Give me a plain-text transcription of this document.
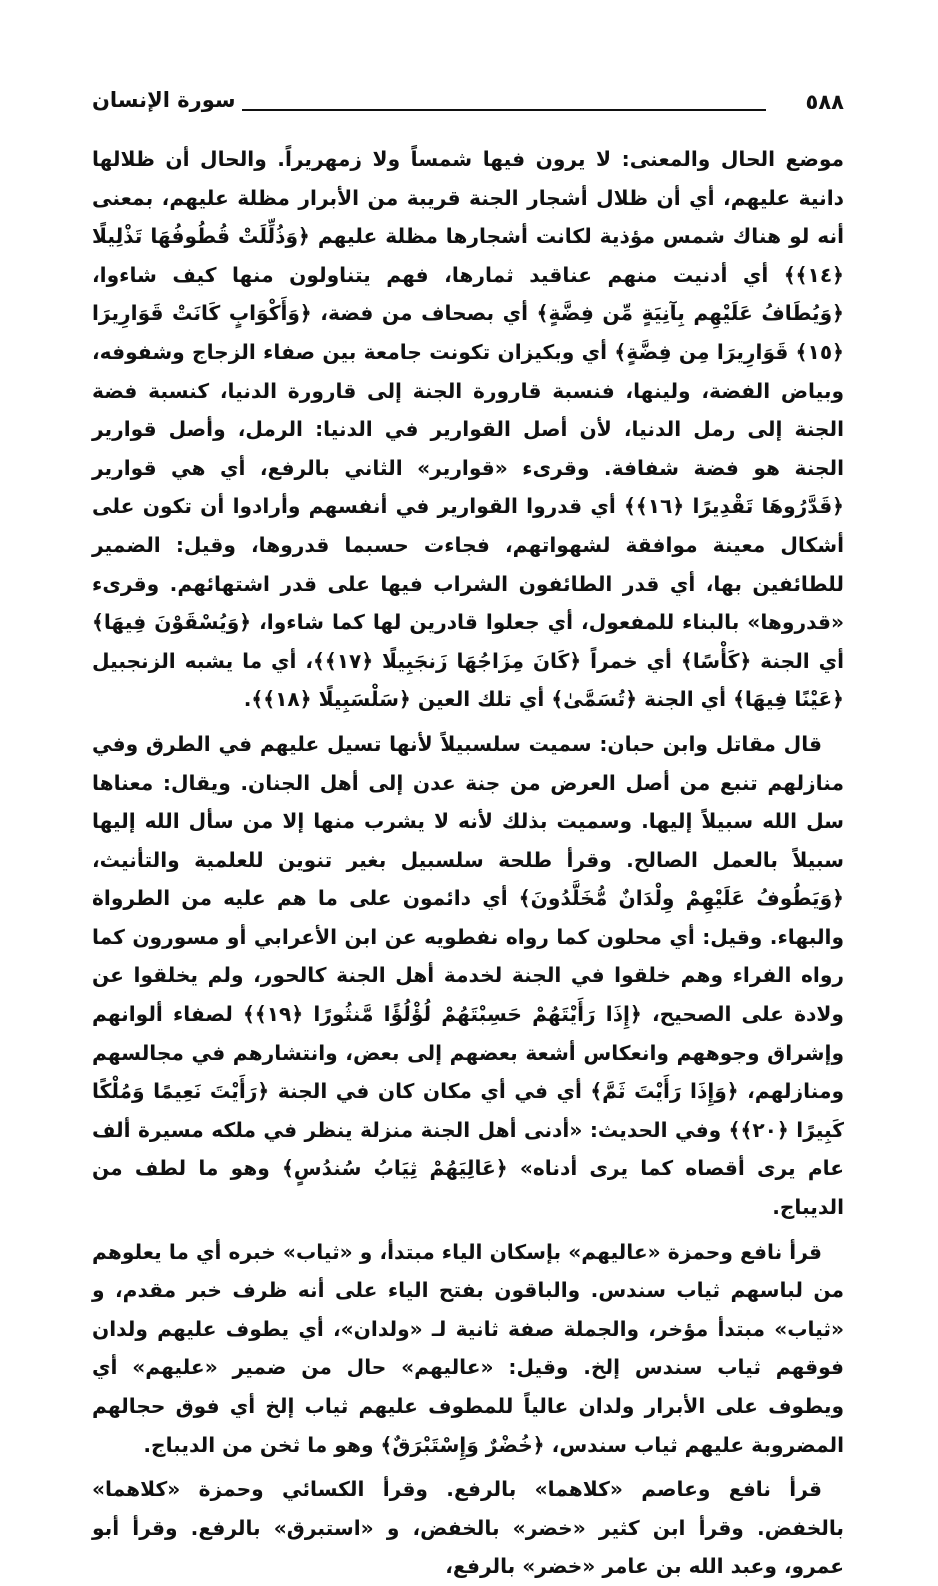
٥٨٨
سورة الإنسان

موضع الحال والمعنى: لا يرون فيها شمساً ولا زمهريراً. والحال أن ظلالها دانية عليهم، أي أن ظلال أشجار الجنة قريبة من الأبرار مظلة عليهم، بمعنى أنه لو هناك شمس مؤذية لكانت أشجارها مظلة عليهم ﴿وَذُلِّلَتْ قُطُوفُهَا تَذْلِيلًا ﴿١٤﴾﴾ أي أدنيت منهم عناقيد ثمارها، فهم يتناولون منها كيف شاءوا، ﴿وَيُطَافُ عَلَيْهِم بِآنِيَةٍ مِّن فِضَّةٍ﴾ أي بصحاف من فضة، ﴿وَأَكْوَابٍ كَانَتْ قَوَارِيرَا ﴿١٥﴾ قَوَارِيرَا مِن فِضَّةٍ﴾ أي وبكيزان تكونت جامعة بين صفاء الزجاج وشفوفه، وبياض الفضة، ولينها، فنسبة قارورة الجنة إلى قارورة الدنيا، كنسبة فضة الجنة إلى رمل الدنيا، لأن أصل القوارير في الدنيا: الرمل، وأصل قوارير الجنة هو فضة شفافة. وقرىء «قوارير» الثاني بالرفع، أي هي قوارير ﴿قَدَّرُوهَا تَقْدِيرًا ﴿١٦﴾﴾ أي قدروا القوارير في أنفسهم وأرادوا أن تكون على أشكال معينة موافقة لشهواتهم، فجاءت حسبما قدروها، وقيل: الضمير للطائفين بها، أي قدر الطائفون الشراب فيها على قدر اشتهائهم. وقرىء «قدروها» بالبناء للمفعول، أي جعلوا قادرين لها كما شاءوا، ﴿وَيُسْقَوْنَ فِيهَا﴾ أي الجنة ﴿كَأْسًا﴾ أي خمراً ﴿كَانَ مِزَاجُهَا زَنجَبِيلًا ﴿١٧﴾﴾، أي ما يشبه الزنجبيل ﴿عَيْنًا فِيهَا﴾ أي الجنة ﴿تُسَمَّىٰ﴾ أي تلك العين ﴿سَلْسَبِيلًا ﴿١٨﴾﴾.

قال مقاتل وابن حبان: سميت سلسبيلاً لأنها تسيل عليهم في الطرق وفي منازلهم تنبع من أصل العرض من جنة عدن إلى أهل الجنان. ويقال: معناها سل الله سبيلاً إليها. وسميت بذلك لأنه لا يشرب منها إلا من سأل الله إليها سبيلاً بالعمل الصالح. وقرأ طلحة سلسبيل بغير تنوين للعلمية والتأنيث، ﴿وَيَطُوفُ عَلَيْهِمْ وِلْدَانٌ مُّخَلَّدُونَ﴾ أي دائمون على ما هم عليه من الطرواة والبهاء. وقيل: أي محلون كما رواه نفطويه عن ابن الأعرابي أو مسورون كما رواه الفراء وهم خلقوا في الجنة لخدمة أهل الجنة كالحور، ولم يخلقوا عن ولادة على الصحيح، ﴿إِذَا رَأَيْتَهُمْ حَسِبْتَهُمْ لُؤْلُؤًا مَّنثُورًا ﴿١٩﴾﴾ لصفاء ألوانهم وإشراق وجوههم وانعكاس أشعة بعضهم إلى بعض، وانتشارهم في مجالسهم ومنازلهم، ﴿وَإِذَا رَأَيْتَ ثَمَّ﴾ أي في أي مكان كان في الجنة ﴿رَأَيْتَ نَعِيمًا وَمُلْكًا كَبِيرًا ﴿٢٠﴾﴾ وفي الحديث: «أدنى أهل الجنة منزلة ينظر في ملكه مسيرة ألف عام يرى أقصاه كما يرى أدناه» ﴿عَالِيَهُمْ ثِيَابُ سُندُسٍ﴾ وهو ما لطف من الديباج.

قرأ نافع وحمزة «عاليهم» بإسكان الياء مبتدأ، و «ثياب» خبره أي ما يعلوهم من لباسهم ثياب سندس. والباقون بفتح الياء على أنه ظرف خبر مقدم، و «ثياب» مبتدأ مؤخر، والجملة صفة ثانية لـ «ولدان»، أي يطوف عليهم ولدان فوقهم ثياب سندس إلخ. وقيل: «عاليهم» حال من ضمير «عليهم» أي ويطوف على الأبرار ولدان عالياً للمطوف عليهم ثياب إلخ أي فوق حجالهم المضروبة عليهم ثياب سندس، ﴿خُضْرٌ وَإِسْتَبْرَقٌ﴾ وهو ما ثخن من الديباج.

قرأ نافع وعاصم «كلاهما» بالرفع. وقرأ الكسائي وحمزة «كلاهما» بالخفض. وقرأ ابن كثير «خضر» بالخفض، و «استبرق» بالرفع. وقرأ أبو عمرو، وعبد الله بن عامر «خضر» بالرفع،
